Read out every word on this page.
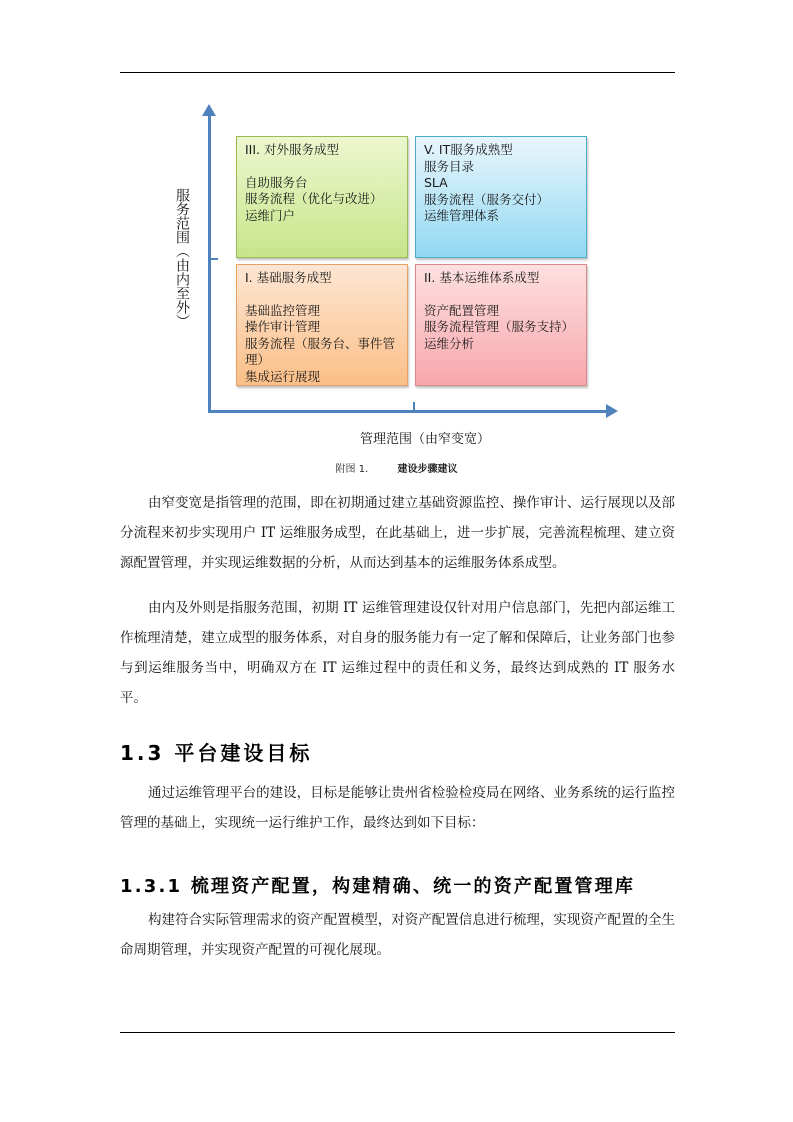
服务范围（由内至外）
管理范围（由窄变宽）
III. 对外服务成型
自助服务台
服务流程（优化与改进）
运维门户
V. IT服务成熟型
服务目录
SLA
服务流程（服务交付）
运维管理体系
I. 基础服务成型
基础监控管理
操作审计管理
服务流程（服务台、事件管理）
集成运行展现
II. 基本运维体系成型
资产配置管理
服务流程管理（服务支持）
运维分析
附图 1.	建设步骤建议
由窄变宽是指管理的范围，即在初期通过建立基础资源监控、操作审计、运行展现以及部分流程来初步实现用户 IT 运维服务成型，在此基础上，进一步扩展，完善流程梳理、建立资源配置管理，并实现运维数据的分析，从而达到基本的运维服务体系成型。
由内及外则是指服务范围，初期 IT 运维管理建设仅针对用户信息部门，先把内部运维工作梳理清楚，建立成型的服务体系，对自身的服务能力有一定了解和保障后，让业务部门也参与到运维服务当中，明确双方在 IT 运维过程中的责任和义务，最终达到成熟的 IT 服务水平。
1.3 平台建设目标
通过运维管理平台的建设，目标是能够让贵州省检验检疫局在网络、业务系统的运行监控管理的基础上，实现统一运行维护工作，最终达到如下目标：
1.3.1 梳理资产配置，构建精确、统一的资产配置管理库
构建符合实际管理需求的资产配置模型，对资产配置信息进行梳理，实现资产配置的全生命周期管理，并实现资产配置的可视化展现。
